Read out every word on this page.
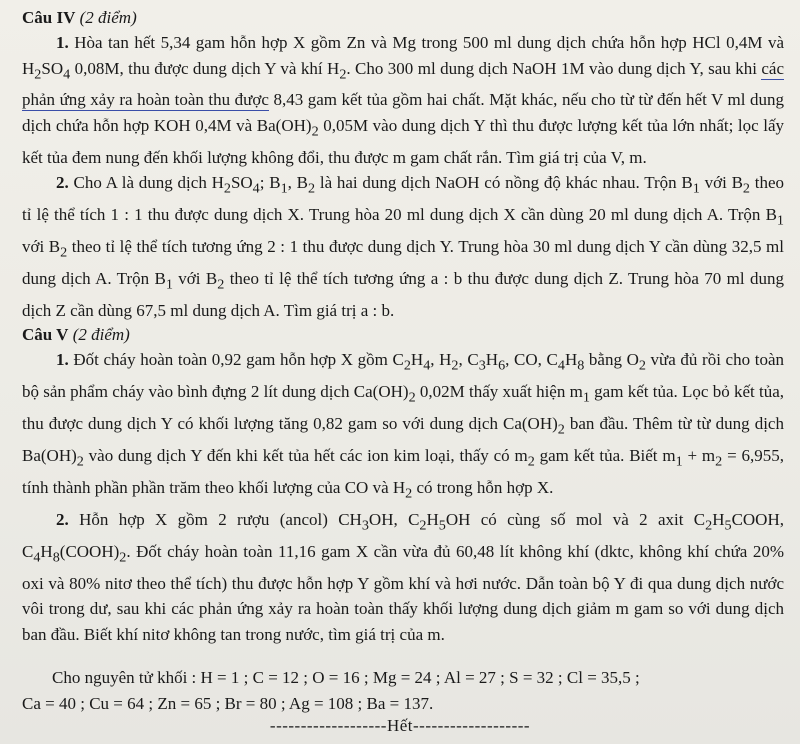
Câu IV (2 điểm)

1. Hòa tan hết 5,34 gam hỗn hợp X gồm Zn và Mg trong 500 ml dung dịch chứa hỗn hợp HCl 0,4M và $H_2SO_4$ 0,08M, thu được dung dịch Y và khí $H_2$. Cho 300 ml dung dịch NaOH 1M vào dung dịch Y, sau khi các phản ứng xảy ra hoàn toàn thu được 8,43 gam kết tủa gồm hai chất. Mặt khác, nếu cho từ từ đến hết V ml dung dịch chứa hỗn hợp KOH 0,4M và $Ba(OH)_2$ 0,05M vào dung dịch Y thì thu được lượng kết tủa lớn nhất; lọc lấy kết tủa đem nung đến khối lượng không đổi, thu được m gam chất rắn. Tìm giá trị của V, m.

2. Cho A là dung dịch $H_2SO_4$; $B_1$, $B_2$ là hai dung dịch NaOH có nồng độ khác nhau. Trộn $B_1$ với $B_2$ theo tỉ lệ thể tích 1 : 1 thu được dung dịch X. Trung hòa 20 ml dung dịch X cần dùng 20 ml dung dịch A. Trộn $B_1$ với $B_2$ theo tỉ lệ thể tích tương ứng 2 : 1 thu được dung dịch Y. Trung hòa 30 ml dung dịch Y cần dùng 32,5 ml dung dịch A. Trộn $B_1$ với $B_2$ theo tỉ lệ thể tích tương ứng a : b thu được dung dịch Z. Trung hòa 70 ml dung dịch Z cần dùng 67,5 ml dung dịch A. Tìm giá trị a : b.

Câu V (2 điểm)

1. Đốt cháy hoàn toàn 0,92 gam hỗn hợp X gồm $C_2H_4$, $H_2$, $C_3H_6$, CO, $C_4H_8$ bằng $O_2$ vừa đủ rồi cho toàn bộ sản phẩm cháy vào bình đựng 2 lít dung dịch $Ca(OH)_2$ 0,02M thấy xuất hiện $m_1$ gam kết tủa. Lọc bỏ kết tủa, thu được dung dịch Y có khối lượng tăng 0,82 gam so với dung dịch $Ca(OH)_2$ ban đầu. Thêm từ từ dung dịch $Ba(OH)_2$ vào dung dịch Y đến khi kết tủa hết các ion kim loại, thấy có $m_2$ gam kết tủa. Biết $m_1 + m_2 = 6,955$, tính thành phần phần trăm theo khối lượng của CO và $H_2$ có trong hỗn hợp X.

2. Hỗn hợp X gồm 2 rượu (ancol) $CH_3OH$, $C_2H_5OH$ có cùng số mol và 2 axit $C_2H_5COOH$, $C_4H_8(COOH)_2$. Đốt cháy hoàn toàn 11,16 gam X cần vừa đủ 60,48 lít không khí (dktc, không khí chứa 20% oxi và 80% nitơ theo thể tích) thu được hỗn hợp Y gồm khí và hơi nước. Dẫn toàn bộ Y đi qua dung dịch nước vôi trong dư, sau khi các phản ứng xảy ra hoàn toàn thấy khối lượng dung dịch giảm m gam so với dung dịch ban đầu. Biết khí nitơ không tan trong nước, tìm giá trị của m.

Cho nguyên tử khối : H = 1 ; C = 12 ; O = 16 ; Mg = 24 ; Al = 27 ; S = 32 ; Cl = 35,5 ;
Ca = 40 ; Cu = 64 ; Zn = 65 ; Br = 80 ; Ag = 108 ; Ba = 137.
-------------------Hết-------------------
